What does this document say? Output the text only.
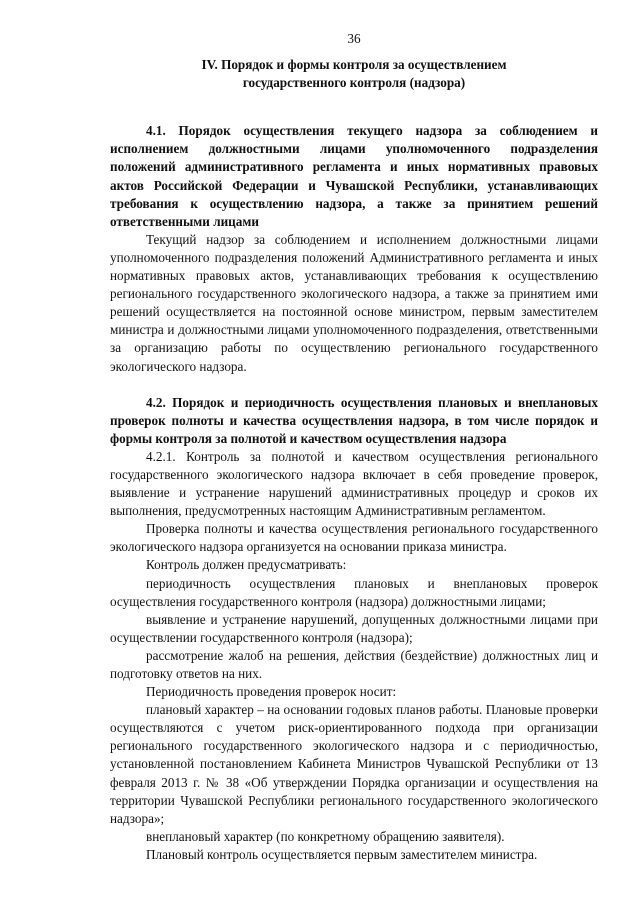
36
IV. Порядок и формы контроля за осуществлением
государственного контроля (надзора)

4.1. Порядок осуществления текущего надзора за соблюдением и исполнением должностными лицами уполномоченного подразделения положений административного регламента и иных нормативных правовых актов Российской Федерации и Чувашской Республики, устанавливающих требования к осуществлению надзора, а также за принятием решений ответственными лицами

Текущий надзор за соблюдением и исполнением должностными лицами уполномоченного подразделения положений Административного регламента и иных нормативных правовых актов, устанавливающих требования к осуществлению регионального государственного экологического надзора, а также за принятием ими решений осуществляется на постоянной основе министром, первым заместителем министра и должностными лицами уполномоченного подразделения, ответственными за организацию работы по осуществлению регионального государственного экологического надзора.

4.2. Порядок и периодичность осуществления плановых и внеплановых проверок полноты и качества осуществления надзора, в том числе порядок и формы контроля за полнотой и качеством осуществления надзора

4.2.1. Контроль за полнотой и качеством осуществления регионального государственного экологического надзора включает в себя проведение проверок, выявление и устранение нарушений административных процедур и сроков их выполнения, предусмотренных настоящим Административным регламентом.

Проверка полноты и качества осуществления регионального государственного экологического надзора организуется на основании приказа министра.

Контроль должен предусматривать:

периодичность осуществления плановых и внеплановых проверок осуществления государственного контроля (надзора) должностными лицами;

выявление и устранение нарушений, допущенных должностными лицами при осуществлении государственного контроля (надзора);

рассмотрение жалоб на решения, действия (бездействие) должностных лиц и подготовку ответов на них.

Периодичность проведения проверок носит:

плановый характер – на основании годовых планов работы. Плановые проверки осуществляются с учетом риск-ориентированного подхода при организации регионального государственного экологического надзора и с периодичностью, установленной постановлением Кабинета Министров Чувашской Республики от 13 февраля 2013 г. № 38 «Об утверждении Порядка организации и осуществления на территории Чувашской Республики регионального государственного экологического надзора»;

внеплановый характер (по конкретному обращению заявителя).

Плановый контроль осуществляется первым заместителем министра.
